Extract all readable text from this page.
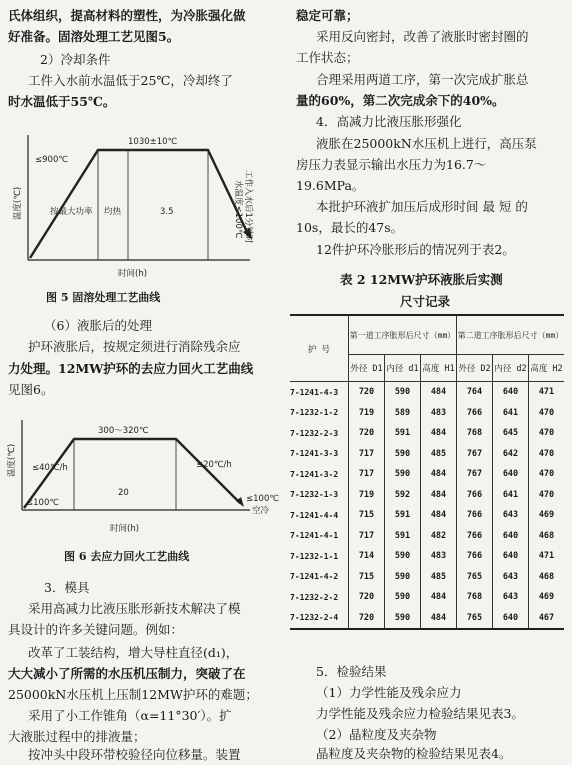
氏体组织，提高材料的塑性，为冷胀强化做
好准备。固溶处理工艺见图5。
2）冷却条件
工件入水前水温低于25℃，冷却终了
时水温低于55℃。
≤900℃
1030±10℃
按最大功率 均热	3.5	工作入水后1分钟时
水温度≤100℃
温度(℃)
时间(h)
图 5 固溶处理工艺曲线
（6）液胀后的处理
护环液胀后，按规定须进行消除残余应
力处理。12MW护环的去应力回火工艺曲线
见图6。
300～320℃
≤40℃/h	≤20℃/h
≤100℃
20
≤100℃
空冷
温度(℃)
时间(h)
图 6 去应力回火工艺曲线
3．模具
采用高减力比液压胀形新技术解决了模
具设计的许多关键问题。例如：
改革了工装结构，增大导柱直径(d₁)，
大大减小了所需的水压机压制力，突破了在
25000kN水压机上压制12MW护环的难题；
采用了小工作锥角（α=11°30′）。扩
大液胀过程中的排液量；
按冲头中段环带校验径向位移量。装置
稳定可靠；
采用反向密封，改善了液胀时密封圈的
工作状态；
合理采用两道工序，第一次完成扩胀总
量的60%，第二次完成余下的40%。
4．高减力比液压胀形强化
液胀在25000kN水压机上进行，高压泵
房压力表显示输出水压力为16.7～
19.6MPa。
本批护环液扩加压后成形时间 最 短 的
10s，最长的47s。
12件护环冷胀形后的情况列于表2。
表 2 12MW护环液胀后实测
尺寸记录
护 号	第一道工序胀形后尺寸（mm）			第二道工序胀形后尺寸（mm）		
	外径 D1	内径 d1	高度 H1	外径 D2	内径 d2	高度 H2
7-1241-4-3	720	590	484	764	640	471
7-1232-1-2	719	589	483	766	641	470
7-1232-2-3	720	591	484	768	645	470
7-1241-3-3	717	590	485	767	642	470
7-1241-3-2	717	590	484	767	640	470
7-1232-1-3	719	592	484	766	641	470
7-1241-4-4	715	591	484	766	643	469
7-1241-4-1	717	591	482	766	640	468
7-1232-1-1	714	590	483	766	640	471
7-1241-4-2	715	590	485	765	643	468
7-1232-2-2	720	590	484	768	643	469
7-1232-2-4	720	590	484	765	640	467
5．检验结果
（1）力学性能及残余应力
力学性能及残余应力检验结果见表3。
（2）晶粒度及夹杂物
晶粒度及夹杂物的检验结果见表4。
